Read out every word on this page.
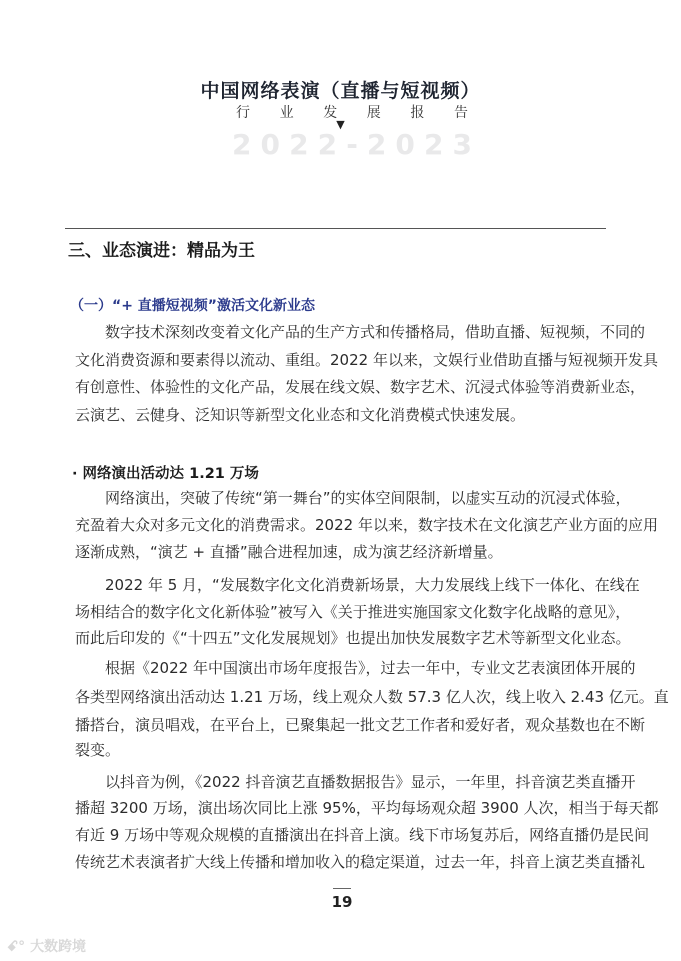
中国网络表演（直播与短视频）
行 业 发 展 报 告
▼
2 0 2 2 - 2 0 2 3
三、业态演进：精品为王
（一）“+ 直播短视频”激活文化新业态
数字技术深刻改变着文化产品的生产方式和传播格局，借助直播、短视频，不同的
文化消费资源和要素得以流动、重组。2022 年以来，文娱行业借助直播与短视频开发具
有创意性、体验性的文化产品，发展在线文娱、数字艺术、沉浸式体验等消费新业态，
云演艺、云健身、泛知识等新型文化业态和文化消费模式快速发展。
· 网络演出活动达 1.21 万场
网络演出，突破了传统“第一舞台”的实体空间限制，以虚实互动的沉浸式体验，
充盈着大众对多元文化的消费需求。2022 年以来，数字技术在文化演艺产业方面的应用
逐渐成熟，“演艺 + 直播”融合进程加速，成为演艺经济新增量。
2022 年 5 月，“发展数字化文化消费新场景，大力发展线上线下一体化、在线在
场相结合的数字化文化新体验”被写入《关于推进实施国家文化数字化战略的意见》，
而此后印发的《“十四五”文化发展规划》也提出加快发展数字艺术等新型文化业态。
根据《2022 年中国演出市场年度报告》，过去一年中，专业文艺表演团体开展的
各类型网络演出活动达 1.21 万场，线上观众人数 57.3 亿人次，线上收入 2.43 亿元。直
播搭台，演员唱戏，在平台上，已聚集起一批文艺工作者和爱好者，观众基数也在不断
裂变。
以抖音为例，《2022 抖音演艺直播数据报告》显示，一年里，抖音演艺类直播开
播超 3200 万场，演出场次同比上涨 95%，平均每场观众超 3900 人次，相当于每天都
有近 9 万场中等观众规模的直播演出在抖音上演。线下市场复苏后，网络直播仍是民间
传统艺术表演者扩大线上传播和增加收入的稳定渠道，过去一年，抖音上演艺类直播礼
19
ꗃ° 大数跨境
